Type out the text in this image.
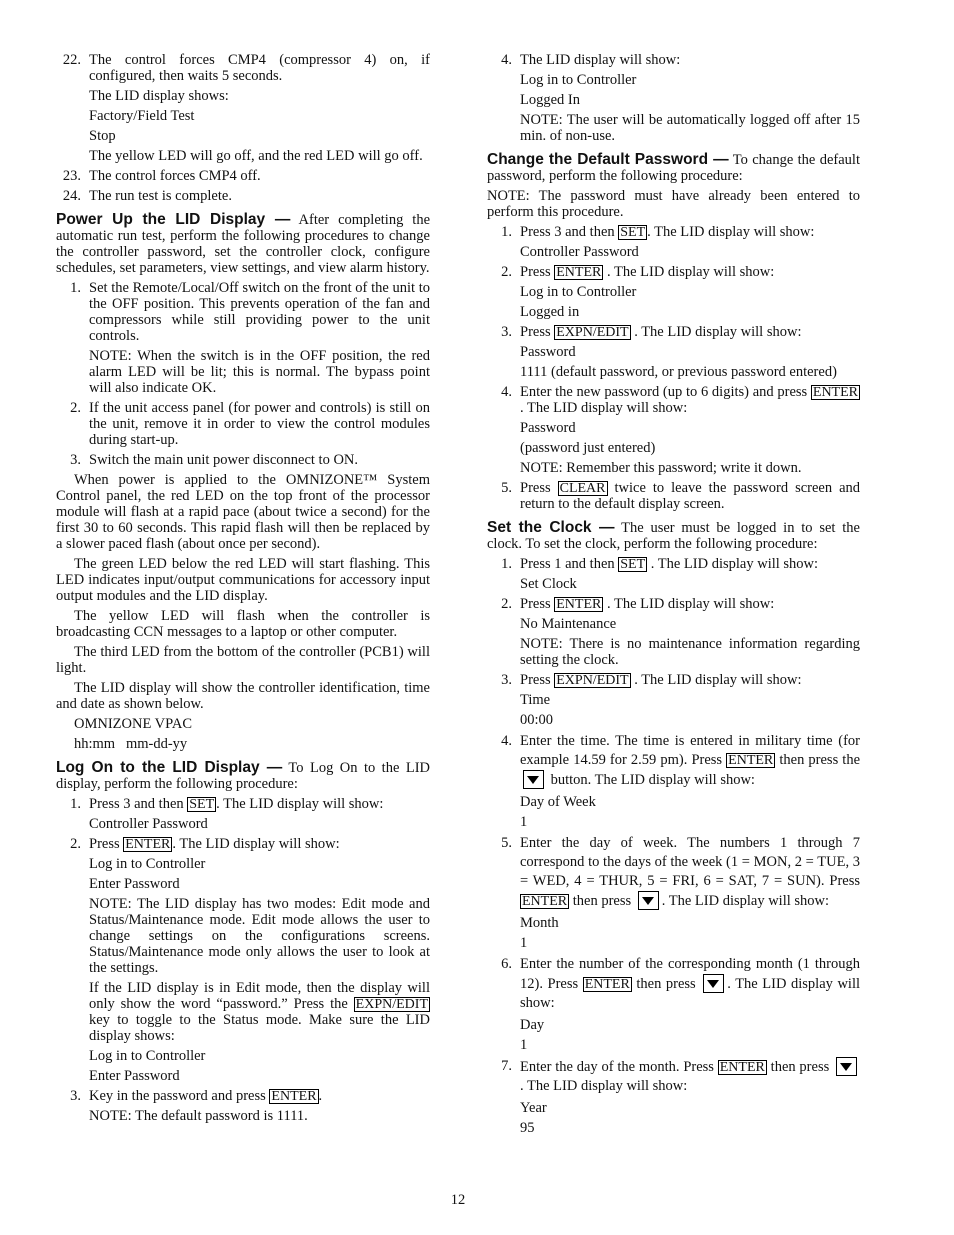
22. The control forces CMP4 (compressor 4) on, if configured, then waits 5 seconds.

The LID display shows:

Factory/Field Test

Stop

The yellow LED will go off, and the red LED will go off.

23. The control forces CMP4 off.
24. The run test is complete.

Power Up the LID Display — After completing the automatic run test, perform the following procedures to change the controller password, set the controller clock, configure schedules, set parameters, view settings, and view alarm history.

1. Set the Remote/Local/Off switch on the front of the unit to the OFF position. This prevents operation of the fan and compressors while still providing power to the unit controls.

NOTE: When the switch is in the OFF position, the red alarm LED will be lit; this is normal. The bypass point will also indicate OK.

2. If the unit access panel (for power and controls) is still on the unit, remove it in order to view the control modules during start-up.
3. Switch the main unit power disconnect to ON.

When power is applied to the OMNIZONE™ System Control panel, the red LED on the top front of the processor module will flash at a rapid pace (about twice a second) for the first 30 to 60 seconds. This rapid flash will then be replaced by a slower paced flash (about once per second).

The green LED below the red LED will start flashing. This LED indicates input/output communications for accessory input output modules and the LID display.

The yellow LED will flash when the controller is broadcasting CCN messages to a laptop or other computer.

The third LED from the bottom of the controller (PCB1) will light.

The LID display will show the controller identification, time and date as shown below.

OMNIZONE VPAC

hh:mm   mm-dd-yy

Log On to the LID Display — To Log On to the LID display, perform the following procedure:

1. Press 3 and then SET . The LID display will show:

Controller Password

2. Press ENTER . The LID display will show:

Log in to Controller

Enter Password

NOTE: The LID display has two modes: Edit mode and Status/Maintenance mode. Edit mode allows the user to change settings on the configurations screens. Status/Maintenance mode only allows the user to look at the settings.

If the LID display is in Edit mode, then the display will only show the word “password.” Press the EXPN/EDIT key to toggle to the Status mode. Make sure the LID display shows:

Log in to Controller

Enter Password

3. Key in the password and press ENTER .

NOTE: The default password is 1111.

4. The LID display will show:

Log in to Controller

Logged In

NOTE: The user will be automatically logged off after 15 min. of non-use.

Change the Default Password — To change the default password, perform the following procedure:

NOTE: The password must have already been entered to perform this procedure.

1. Press 3 and then SET . The LID display will show:

Controller Password

2. Press ENTER . The LID display will show:

Log in to Controller

Logged in

3. Press EXPN/EDIT . The LID display will show:

Password

1111 (default password, or previous password entered)

4. Enter the new password (up to 6 digits) and press ENTER . The LID display will show:

Password

(password just entered)

NOTE: Remember this password; write it down.

5. Press CLEAR twice to leave the password screen and return to the default display screen.

Set the Clock — The user must be logged in to set the clock. To set the clock, perform the following procedure:

1. Press 1 and then SET . The LID display will show:

Set Clock

2. Press ENTER . The LID display will show:

No Maintenance

NOTE: There is no maintenance information regarding setting the clock.

3. Press EXPN/EDIT . The LID display will show:

Time

00:00

4. Enter the time. The time is entered in military time (for example 14.59 for 2.59 pm). Press ENTER then press the  button. The LID display will show:

Day of Week

1

5. Enter the day of week. The numbers 1 through 7 correspond to the days of the week (1 = MON, 2 = TUE, 3 = WED, 4 = THUR, 5 = FRI, 6 = SAT, 7 = SUN). Press ENTER then press . The LID display will show:

Month

1

6. Enter the number of the corresponding month (1 through 12). Press ENTER then press . The LID display will show:

Day

1

7. Enter the day of the month. Press ENTER then press . The LID display will show:

Year

95

12
